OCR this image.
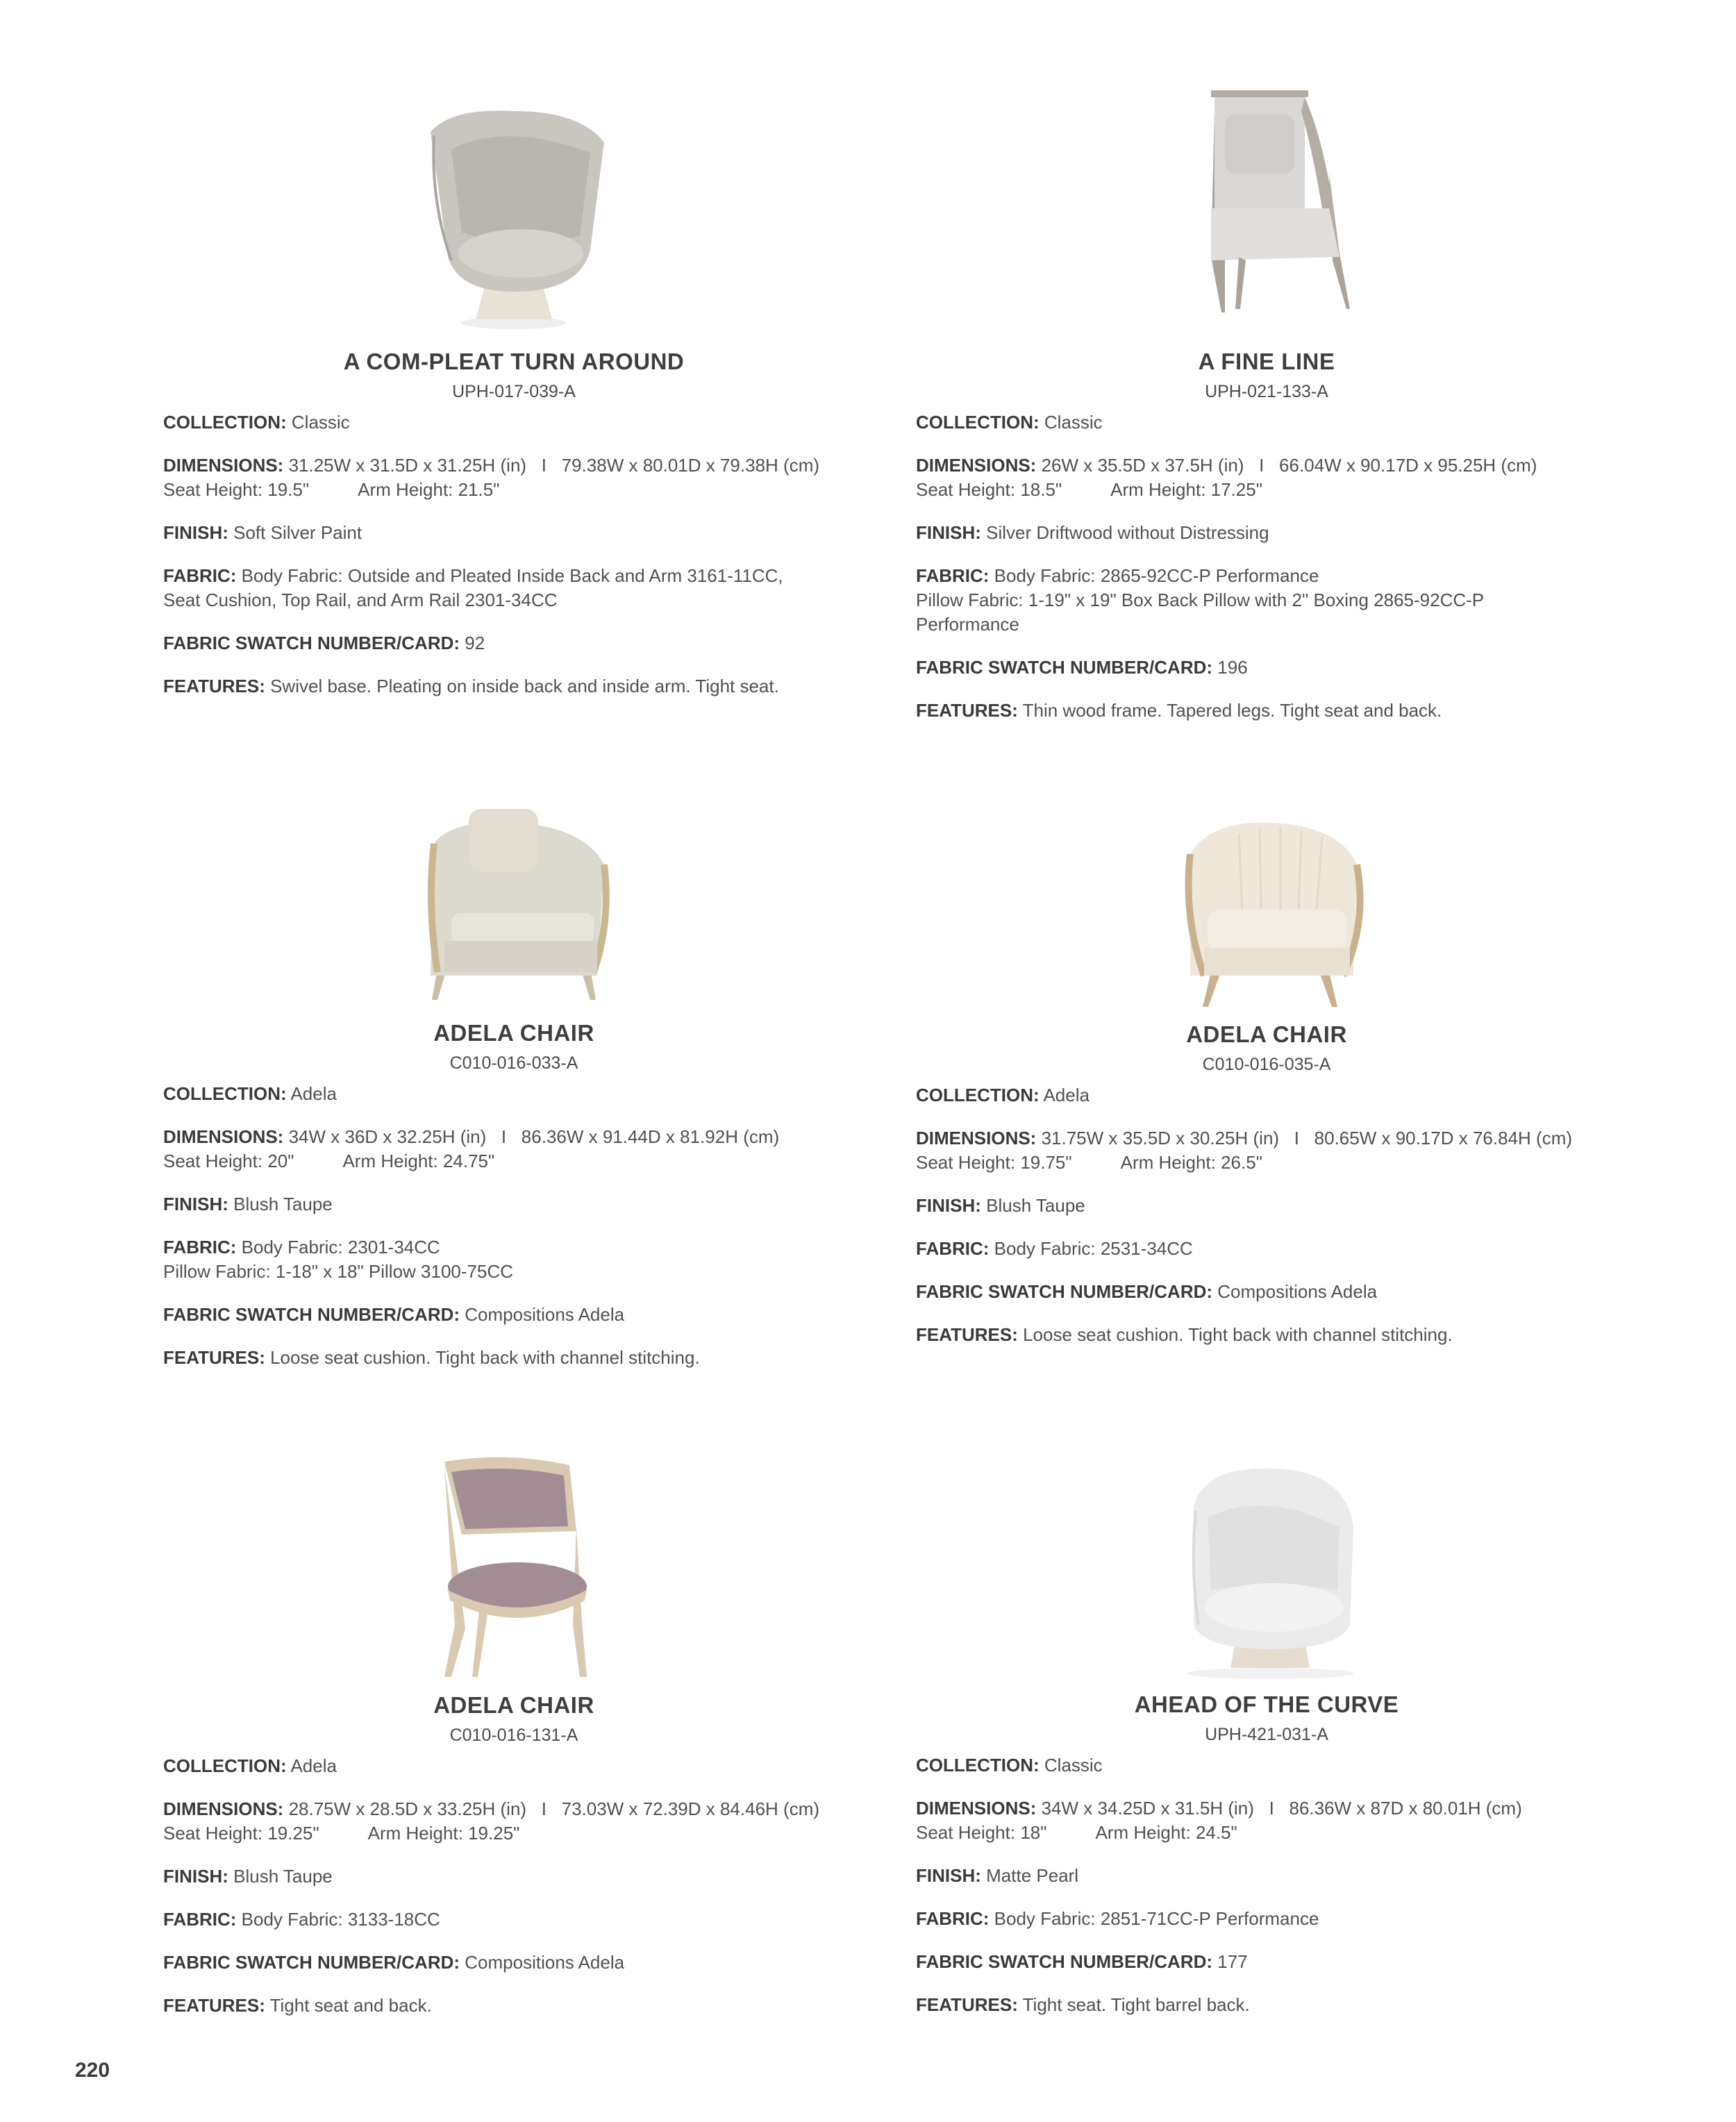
A COM-PLEAT TURN AROUND
UPH-017-039-A
COLLECTION: Classic
DIMENSIONS: 31.25W x 31.5D x 31.25H (in)   I   79.38W x 80.01D x 79.38H (cm)
Seat Height: 19.5"	Arm Height: 21.5"
FINISH: Soft Silver Paint
FABRIC: Body Fabric: Outside and Pleated Inside Back and Arm 3161-11CC,
Seat Cushion, Top Rail, and Arm Rail 2301-34CC
FABRIC SWATCH NUMBER/CARD: 92
FEATURES: Swivel base. Pleating on inside back and inside arm. Tight seat.
A FINE LINE
UPH-021-133-A
COLLECTION: Classic
DIMENSIONS: 26W x 35.5D x 37.5H (in)   I   66.04W x 90.17D x 95.25H (cm)
Seat Height: 18.5"	Arm Height: 17.25"
FINISH: Silver Driftwood without Distressing
FABRIC: Body Fabric: 2865-92CC-P Performance
Pillow Fabric: 1-19" x 19" Box Back Pillow with 2" Boxing 2865-92CC-P
Performance
FABRIC SWATCH NUMBER/CARD: 196
FEATURES: Thin wood frame. Tapered legs. Tight seat and back.
ADELA CHAIR
C010-016-033-A
COLLECTION: Adela
DIMENSIONS: 34W x 36D x 32.25H (in)   I   86.36W x 91.44D x 81.92H (cm)
Seat Height: 20"	Arm Height: 24.75"
FINISH: Blush Taupe
FABRIC: Body Fabric: 2301-34CC
Pillow Fabric: 1-18" x 18" Pillow 3100-75CC
FABRIC SWATCH NUMBER/CARD: Compositions Adela
FEATURES: Loose seat cushion. Tight back with channel stitching.
ADELA CHAIR
C010-016-035-A
COLLECTION: Adela
DIMENSIONS: 31.75W x 35.5D x 30.25H (in)   I   80.65W x 90.17D x 76.84H (cm)
Seat Height: 19.75"	Arm Height: 26.5"
FINISH: Blush Taupe
FABRIC: Body Fabric: 2531-34CC
FABRIC SWATCH NUMBER/CARD: Compositions Adela
FEATURES: Loose seat cushion. Tight back with channel stitching.
ADELA CHAIR
C010-016-131-A
COLLECTION: Adela
DIMENSIONS: 28.75W x 28.5D x 33.25H (in)   I   73.03W x 72.39D x 84.46H (cm)
Seat Height: 19.25"	Arm Height: 19.25"
FINISH: Blush Taupe
FABRIC: Body Fabric: 3133-18CC
FABRIC SWATCH NUMBER/CARD: Compositions Adela
FEATURES: Tight seat and back.
AHEAD OF THE CURVE
UPH-421-031-A
COLLECTION: Classic
DIMENSIONS: 34W x 34.25D x 31.5H (in)   I   86.36W x 87D x 80.01H (cm)
Seat Height: 18"	Arm Height: 24.5"
FINISH: Matte Pearl
FABRIC: Body Fabric: 2851-71CC-P Performance
FABRIC SWATCH NUMBER/CARD: 177
FEATURES: Tight seat. Tight barrel back.
220
